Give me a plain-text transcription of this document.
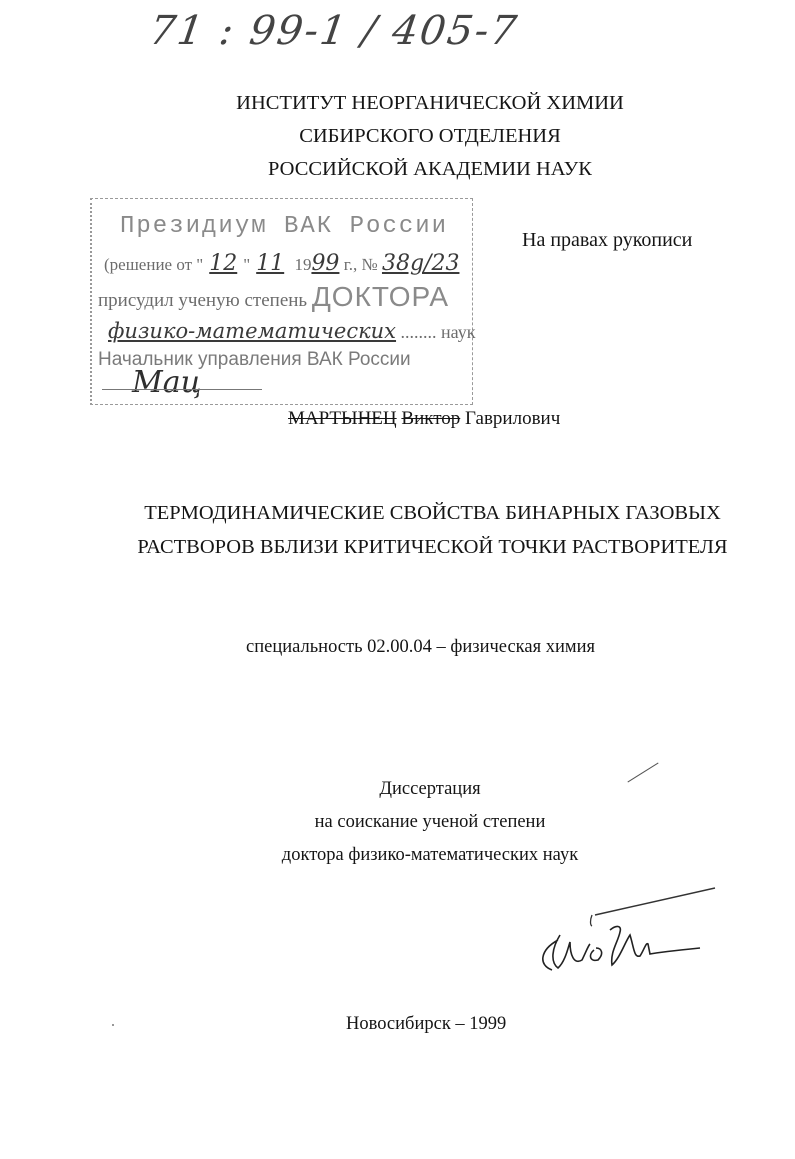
71 : 99-1 / 405-7
ИНСТИТУТ НЕОРГАНИЧЕСКОЙ ХИМИИ
СИБИРСКОГО ОТДЕЛЕНИЯ
РОССИЙСКОЙ АКАДЕМИИ НАУК
На правах рукописи
Президиум ВАК России
(решение от " 12 " 11 1999 г., № 38g/23
присудил ученую степень ДОКТОРА
физико-математических ........ наук
Начальник управления ВАК России
Мац
МАРТЫНЕЦ Виктор Гаврилович
ТЕРМОДИНАМИЧЕСКИЕ СВОЙСТВА БИНАРНЫХ ГАЗОВЫХ
РАСТВОРОВ ВБЛИЗИ КРИТИЧЕСКОЙ ТОЧКИ РАСТВОРИТЕЛЯ
специальность 02.00.04 – физическая химия
Диссертация
на соискание ученой степени
доктора физико-математических наук
Новосибирск – 1999
